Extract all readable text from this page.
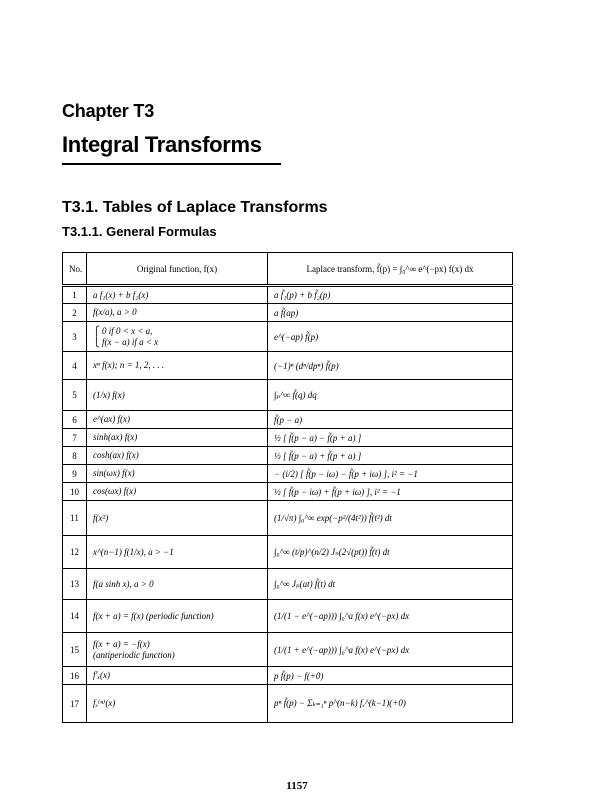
Chapter T3
Integral Transforms
T3.1. Tables of Laplace Transforms
T3.1.1. General Formulas
No.	Original function, f(x)	Laplace transform, f̃(p) = ∫₀^∞ e^(−px) f(x) dx
1	a f₁(x) + b f₂(x)	a f̃₁(p) + b f̃₂(p)
2	f(x/a), a > 0	a f̃(ap)
3	⎧ 0 if 0 < x < a,
⎩ f(x − a) if a < x	e^(−ap) f̃(p)
4	xⁿ f(x); n = 1, 2, . . .	(−1)ⁿ (dⁿ/dpⁿ) f̃(p)
5	(1/x) f(x)	∫ₚ^∞ f̃(q) dq
6	e^(ax) f(x)	f̃(p − a)
7	sinh(ax) f(x)	½ [ f̃(p − a) − f̃(p + a) ]
8	cosh(ax) f(x)	½ [ f̃(p − a) + f̃(p + a) ]
9	sin(ωx) f(x)	− (i/2) [ f̃(p − iω) − f̃(p + iω) ], i² = −1
10	cos(ωx) f(x)	½ [ f̃(p − iω) + f̃(p + iω) ], i² = −1
11	f(x²)	(1/√π) ∫₀^∞ exp(−p²/(4t²)) f̃(t²) dt
12	x^(n−1) f(1/x), a > −1	∫₀^∞ (t/p)^(n/2) Jₙ(2√(pt)) f̃(t) dt
13	f(a sinh x), a > 0	∫₀^∞ Jₚ(at) f̃(t) dt
14	f(x + a) = f(x) (periodic function)	(1/(1 − e^(−ap))) ∫₀^a f(x) e^(−px) dx
15	f(x + a) = −f(x)
(antiperiodic function)	(1/(1 + e^(−ap))) ∫₀^a f(x) e^(−px) dx
16	f′ₓ(x)	p f̃(p) − f(+0)
17	fₓ⁽ⁿ⁾(x)	pⁿ f̃(p) − Σₖ₌₁ⁿ p^(n−k) fₓ^(k−1)(+0)
1157
